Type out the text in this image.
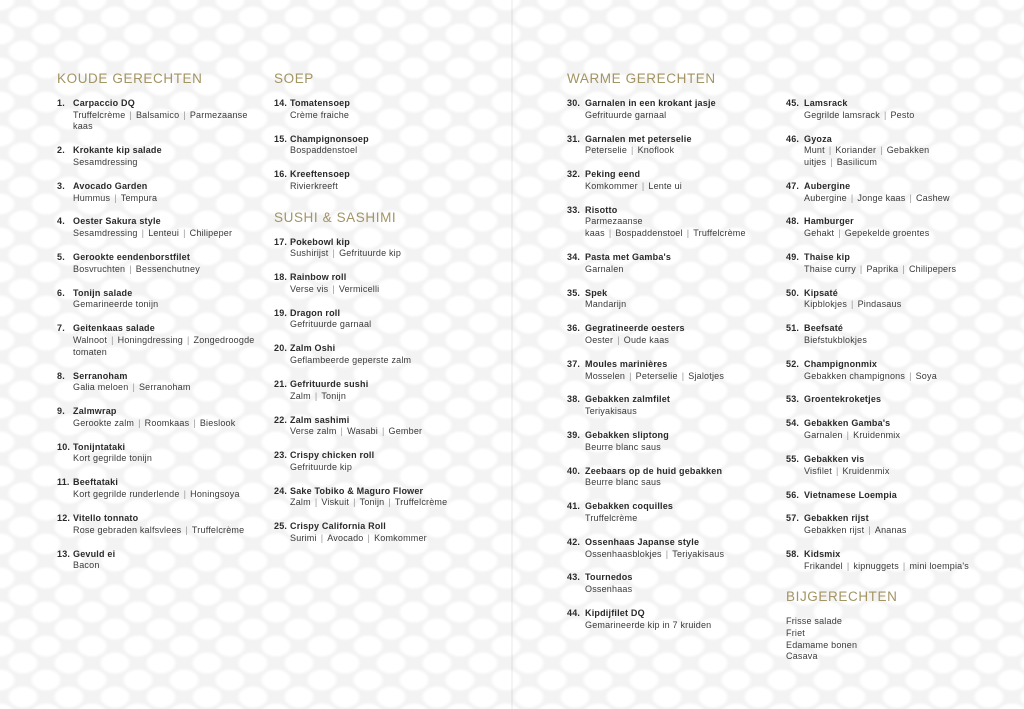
KOUDE GERECHTEN
1. Carpaccio DQ
Truffelcrème | Balsamico | Parmezaanse kaas
2. Krokante kip salade
Sesamdressing
3. Avocado Garden
Hummus | Tempura
4. Oester Sakura style
Sesamdressing | Lenteui | Chilipeper
5. Gerookte eendenborstfilet
Bosvruchten | Bessenchutney
6. Tonijn salade
Gemarineerde tonijn
7. Geitenkaas salade
Walnoot | Honingdressing | Zongedroogde tomaten
8. Serranoham
Galia meloen | Serranoham
9. Zalmwrap
Gerookte zalm | Roomkaas | Bieslook
10. Tonijntataki
Kort gegrilde tonijn
11. Beeftataki
Kort gegrilde runderlende | Honingsoya
12. Vitello tonnato
Rose gebraden kalfsvlees | Truffelcrème
13. Gevuld ei
Bacon
SOEP
14. Tomatensoep
Crème fraiche
15. Champignonsoep
Bospaddenstoel
16. Kreeftensoep
Rivierkreeft
SUSHI & SASHIMI
17. Pokebowl kip
Sushirijst | Gefrituurde kip
18. Rainbow roll
Verse vis | Vermicelli
19. Dragon roll
Gefrituurde garnaal
20. Zalm Oshi
Geflambeerde geperste zalm
21. Gefrituurde sushi
Zalm | Tonijn
22. Zalm sashimi
Verse zalm | Wasabi | Gember
23. Crispy chicken roll
Gefrituurde kip
24. Sake Tobiko & Maguro Flower
Zalm | Viskuit | Tonijn | Truffelcrème
25. Crispy California Roll
Surimi | Avocado | Komkommer
WARME GERECHTEN
30. Garnalen in een krokant jasje
Gefrituurde garnaal
31. Garnalen met peterselie
Peterselie | Knoflook
32. Peking eend
Komkommer | Lente ui
33. Risotto
Parmezaanse kaas | Bospaddenstoel | Truffelcrème
34. Pasta met Gamba's
Garnalen
35. Spek
Mandarijn
36. Gegratineerde oesters
Oester | Oude kaas
37. Moules marinières
Mosselen | Peterselie | Sjalotjes
38. Gebakken zalmfilet
Teriyakisaus
39. Gebakken sliptong
Beurre blanc saus
40. Zeebaars op de huid gebakken
Beurre blanc saus
41. Gebakken coquilles
Truffelcrème
42. Ossenhaas Japanse style
Ossenhaasblokjes | Teriyakisaus
43. Tournedos
Ossenhaas
44. Kipdijfilet DQ
Gemarineerde kip in 7 kruiden
45. Lamsrack
Gegrilde lamsrack | Pesto
46. Gyoza
Munt | Koriander | Gebakken uitjes | Basilicum
47. Aubergine
Aubergine | Jonge kaas | Cashew
48. Hamburger
Gehakt | Gepekelde groentes
49. Thaise kip
Thaise curry | Paprika | Chilipepers
50. Kipsaté
Kipblokjes | Pindasaus
51. Beefsaté
Biefstukblokjes
52. Champignonmix
Gebakken champignons | Soya
53. Groentekroketjes
54. Gebakken Gamba's
Garnalen | Kruidenmix
55. Gebakken vis
Visfilet | Kruidenmix
56. Vietnamese Loempia
57. Gebakken rijst
Gebakken rijst | Ananas
58. Kidsmix
Frikandel | kipnuggets | mini loempia's
BIJGERECHTEN
Frisse salade
Friet
Edamame bonen
Casava
